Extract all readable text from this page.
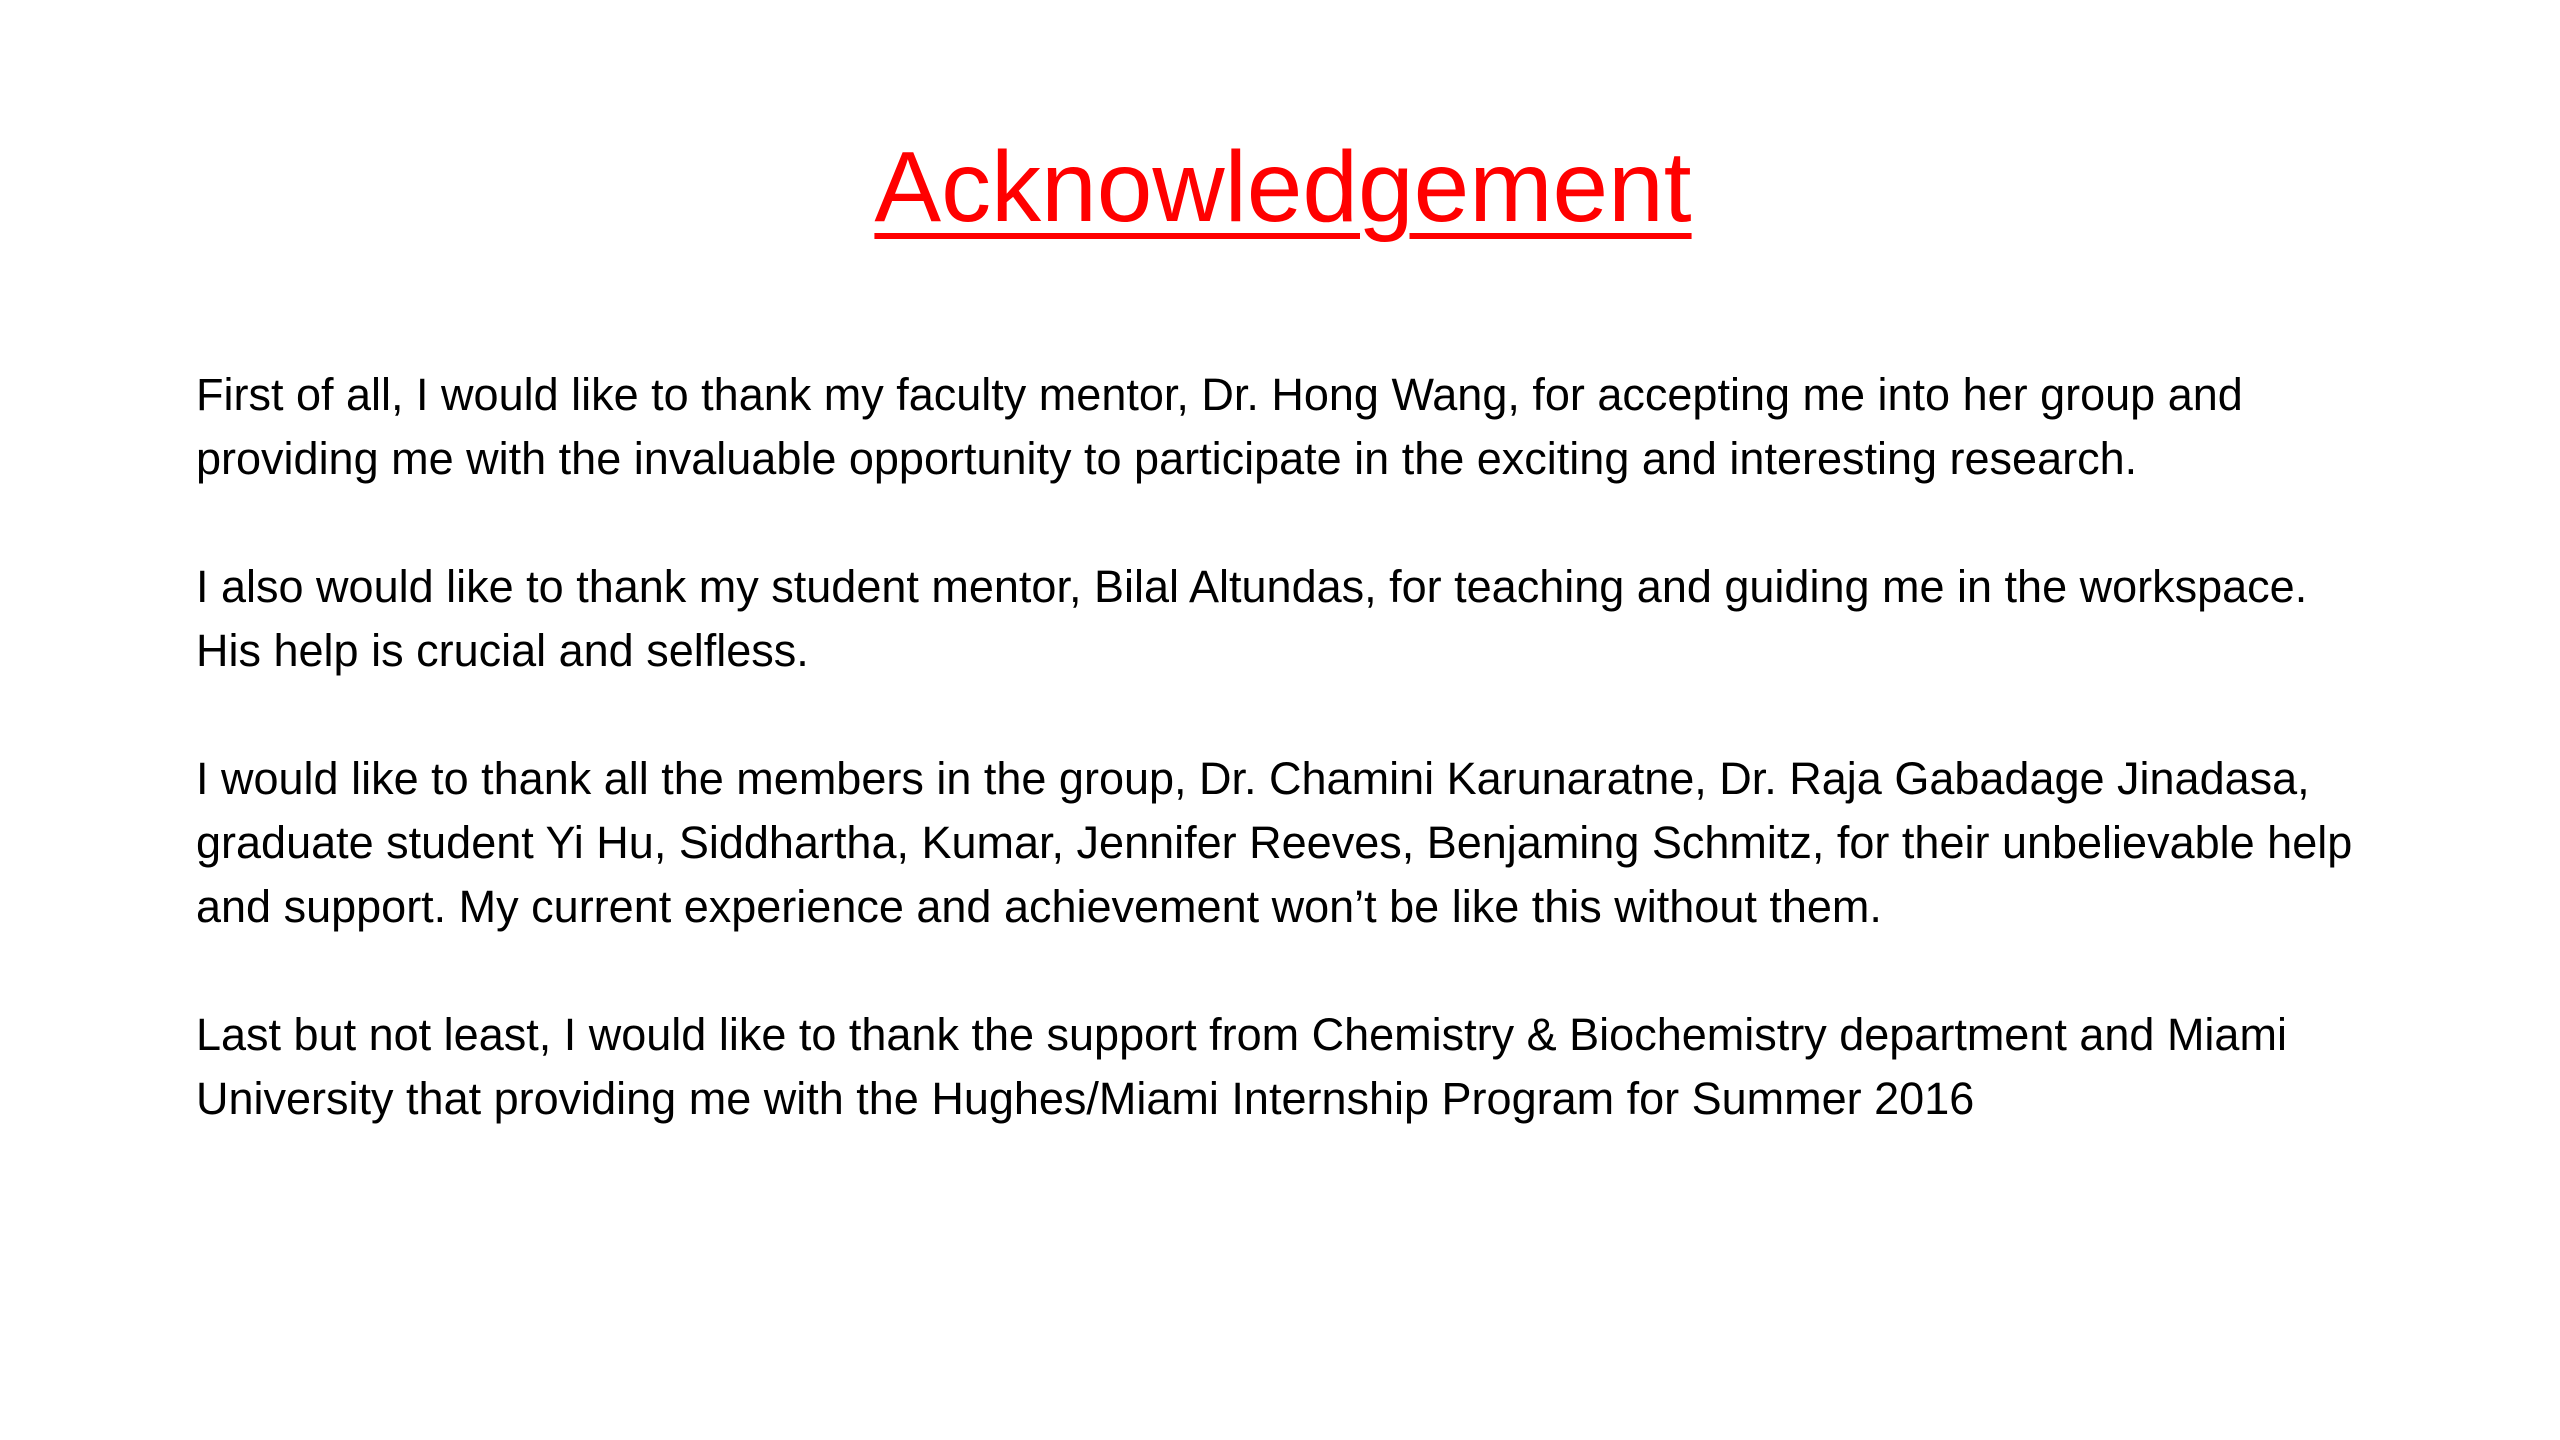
Acknowledgement

First of all, I would like to thank my faculty mentor, Dr. Hong Wang, for accepting me into her group and providing me with the invaluable opportunity to participate in the exciting and interesting research.

I also would like to thank my student mentor, Bilal Altundas, for teaching and guiding me in the workspace. His help is crucial and selfless.

I would like to thank all the members in the group, Dr. Chamini Karunaratne, Dr. Raja Gabadage Jinadasa, graduate student Yi Hu, Siddhartha, Kumar, Jennifer Reeves, Benjaming Schmitz, for their unbelievable help and support. My current experience and achievement won’t be like this without them.

Last but not least, I would like to thank the support from Chemistry & Biochemistry department and Miami University that providing me with the Hughes/Miami Internship Program for Summer 2016
